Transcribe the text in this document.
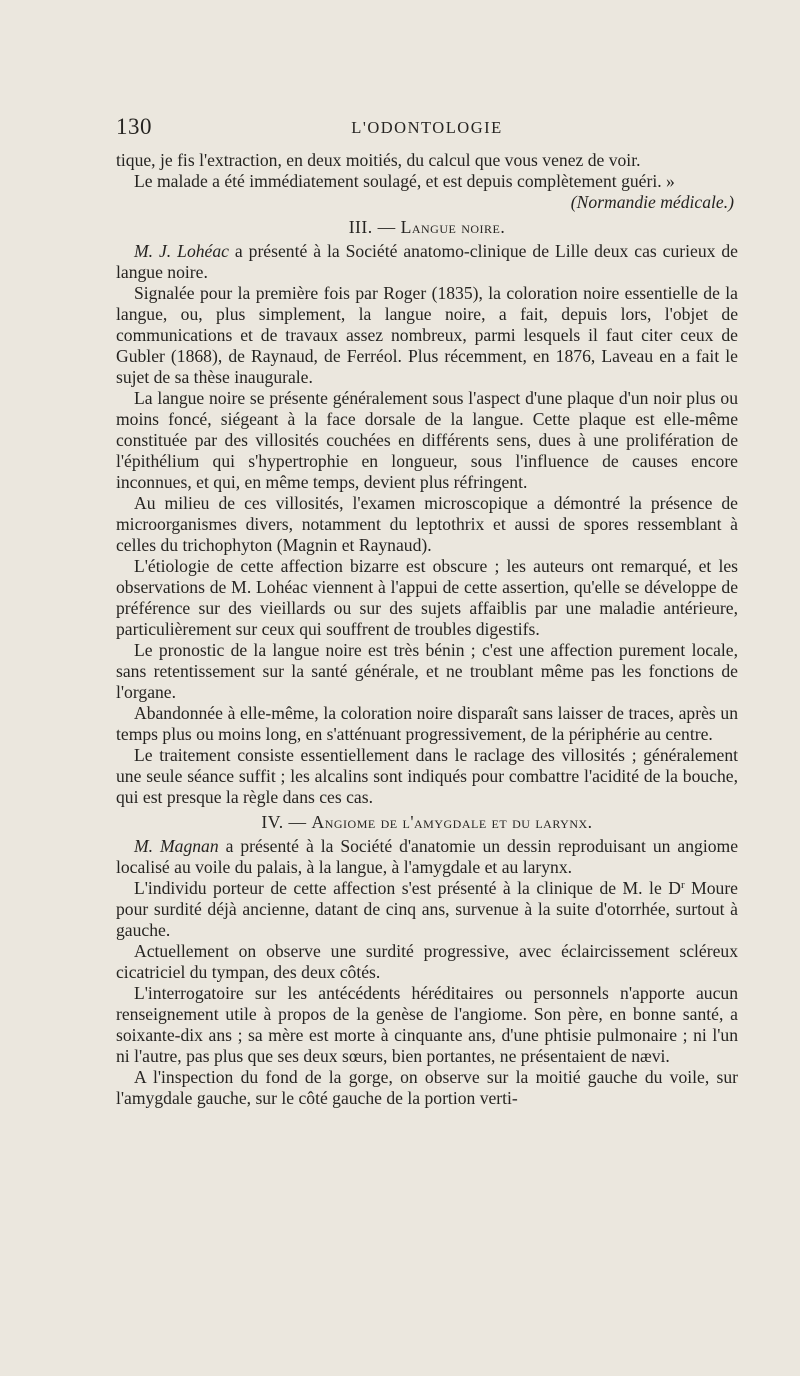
130	L'ODONTOLOGIE

tique, je fis l'extraction, en deux moitiés, du calcul que vous venez de voir.

Le malade a été immédiatement soulagé, et est depuis complètement guéri. »

(Normandie médicale.)

III. — Langue noire.

M. J. Lohéac a présenté à la Société anatomo-clinique de Lille deux cas curieux de langue noire.

Signalée pour la première fois par Roger (1835), la coloration noire essentielle de la langue, ou, plus simplement, la langue noire, a fait, depuis lors, l'objet de communications et de travaux assez nombreux, parmi lesquels il faut citer ceux de Gubler (1868), de Raynaud, de Ferréol. Plus récemment, en 1876, Laveau en a fait le sujet de sa thèse inaugurale.

La langue noire se présente généralement sous l'aspect d'une plaque d'un noir plus ou moins foncé, siégeant à la face dorsale de la langue. Cette plaque est elle-même constituée par des villosités couchées en différents sens, dues à une prolifération de l'épithélium qui s'hypertrophie en longueur, sous l'influence de causes encore inconnues, et qui, en même temps, devient plus réfringent.

Au milieu de ces villosités, l'examen microscopique a démontré la présence de microorganismes divers, notamment du leptothrix et aussi de spores ressemblant à celles du trichophyton (Magnin et Raynaud).

L'étiologie de cette affection bizarre est obscure ; les auteurs ont remarqué, et les observations de M. Lohéac viennent à l'appui de cette assertion, qu'elle se développe de préférence sur des vieillards ou sur des sujets affaiblis par une maladie antérieure, particulièrement sur ceux qui souffrent de troubles digestifs.

Le pronostic de la langue noire est très bénin ; c'est une affection purement locale, sans retentissement sur la santé générale, et ne troublant même pas les fonctions de l'organe.

Abandonnée à elle-même, la coloration noire disparaît sans laisser de traces, après un temps plus ou moins long, en s'atténuant progressivement, de la périphérie au centre.

Le traitement consiste essentiellement dans le raclage des villosités ; généralement une seule séance suffit ; les alcalins sont indiqués pour combattre l'acidité de la bouche, qui est presque la règle dans ces cas.

IV. — Angiome de l'amygdale et du larynx.

M. Magnan a présenté à la Société d'anatomie un dessin reproduisant un angiome localisé au voile du palais, à la langue, à l'amygdale et au larynx.

L'individu porteur de cette affection s'est présenté à la clinique de M. le $D^r$ Moure pour surdité déjà ancienne, datant de cinq ans, survenue à la suite d'otorrhée, surtout à gauche.

Actuellement on observe une surdité progressive, avec éclaircissement scléreux cicatriciel du tympan, des deux côtés.

L'interrogatoire sur les antécédents héréditaires ou personnels n'apporte aucun renseignement utile à propos de la genèse de l'angiome. Son père, en bonne santé, a soixante-dix ans ; sa mère est morte à cinquante ans, d'une phtisie pulmonaire ; ni l'un ni l'autre, pas plus que ses deux sœurs, bien portantes, ne présentaient de nævi.

A l'inspection du fond de la gorge, on observe sur la moitié gauche du voile, sur l'amygdale gauche, sur le côté gauche de la portion verti-
